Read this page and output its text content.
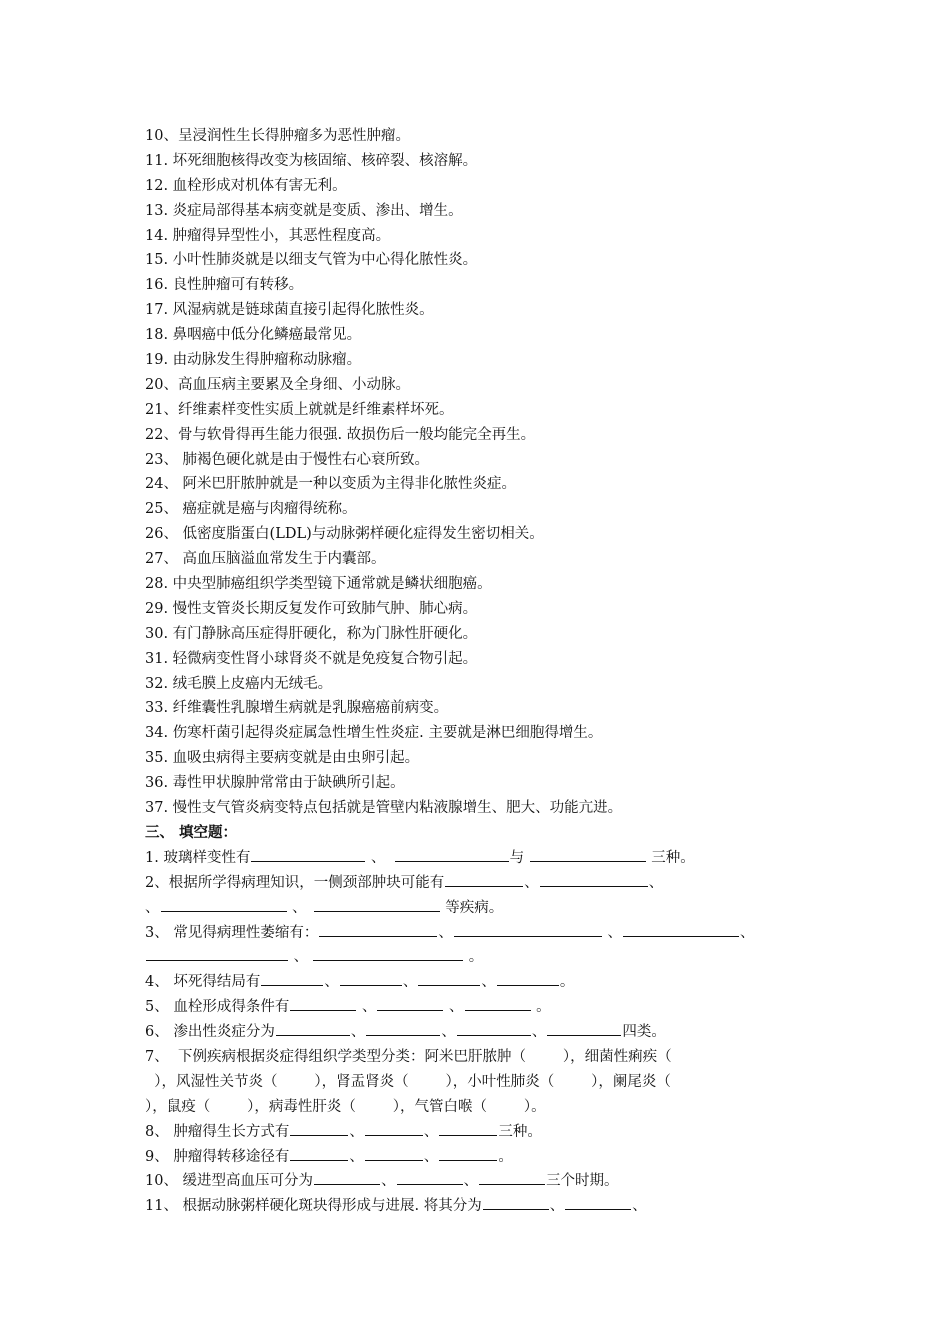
10、呈浸润性生长得肿瘤多为恶性肿瘤。
11. 坏死细胞核得改变为核固缩、核碎裂、核溶解。
12. 血栓形成对机体有害无利。
13. 炎症局部得基本病变就是变质、渗出、增生。
14. 肿瘤得异型性小，其恶性程度高。
15. 小叶性肺炎就是以细支气管为中心得化脓性炎。
16. 良性肿瘤可有转移。
17. 风湿病就是链球菌直接引起得化脓性炎。
18. 鼻咽癌中低分化鳞癌最常见。
19. 由动脉发生得肿瘤称动脉瘤。
20、高血压病主要累及全身细、小动脉。
21、纤维素样变性实质上就就是纤维素样坏死。
22、骨与软骨得再生能力很强. 故损伤后一般均能完全再生。
23、 肺褐色硬化就是由于慢性右心衰所致。
24、 阿米巴肝脓肿就是一种以变质为主得非化脓性炎症。
25、 癌症就是癌与肉瘤得统称。
26、 低密度脂蛋白(LDL)与动脉粥样硬化症得发生密切相关。
27、 高血压脑溢血常发生于内囊部。
28. 中央型肺癌组织学类型镜下通常就是鳞状细胞癌。
29. 慢性支管炎长期反复发作可致肺气肿、肺心病。
30. 有门静脉高压症得肝硬化，称为门脉性肝硬化。
31. 轻微病变性肾小球肾炎不就是免疫复合物引起。
32. 绒毛膜上皮癌内无绒毛。
33. 纤维囊性乳腺增生病就是乳腺癌癌前病变。
34. 伤寒杆菌引起得炎症属急性增生性炎症. 主要就是淋巴细胞得增生。
35. 血吸虫病得主要病变就是由虫卵引起。
36. 毒性甲状腺肿常常由于缺碘所引起。
37. 慢性支气管炎病变特点包括就是管壁内粘液腺增生、肥大、功能亢进。
三、 填空题：
1. 玻璃样变性有	、	与	三种。
2、根据所学得病理知识，一侧颈部肿块可能有	、	、
、	、	等疾病。
3、 常见得病理性萎缩有：	、	、	、
、	。
4、 坏死得结局有	、	、	、	。
5、 血栓形成得条件有	、	、	。
6、 渗出性炎症分为	、	、	、	四类。
7、  下例疾病根据炎症得组织学类型分类：阿米巴肝脓肿（        ），细菌性痢疾（
），风湿性关节炎（        ），肾盂肾炎（        ），小叶性肺炎（        ），阑尾炎（
），鼠疫（        ），病毒性肝炎（        ），气管白喉（        ）。
8、 肿瘤得生长方式有	、	、	三种。
9、 肿瘤得转移途径有	、	、	。
10、 缓进型高血压可分为	、	、	三个时期。
11、 根据动脉粥样硬化斑块得形成与进展. 将其分为	、	、
